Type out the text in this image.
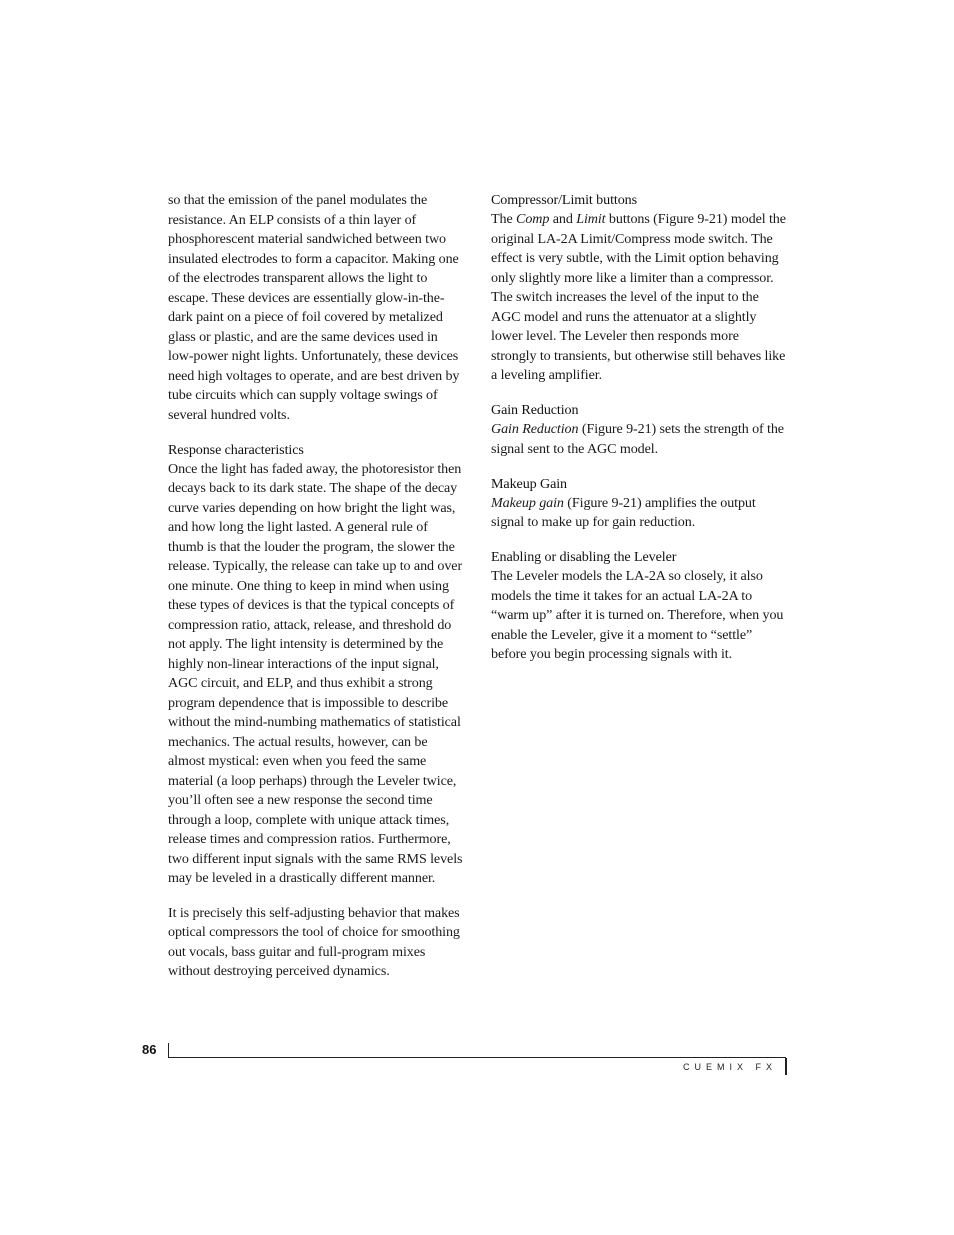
so that the emission of the panel modulates the resistance. An ELP consists of a thin layer of phosphorescent material sandwiched between two insulated electrodes to form a capacitor. Making one of the electrodes transparent allows the light to escape. These devices are essentially glow-in-the-dark paint on a piece of foil covered by metalized glass or plastic, and are the same devices used in low-power night lights. Unfortunately, these devices need high voltages to operate, and are best driven by tube circuits which can supply voltage swings of several hundred volts.

Response characteristics

Once the light has faded away, the photoresistor then decays back to its dark state. The shape of the decay curve varies depending on how bright the light was, and how long the light lasted. A general rule of thumb is that the louder the program, the slower the release. Typically, the release can take up to and over one minute. One thing to keep in mind when using these types of devices is that the typical concepts of compression ratio, attack, release, and threshold do not apply. The light intensity is determined by the highly non-linear interactions of the input signal, AGC circuit, and ELP, and thus exhibit a strong program dependence that is impossible to describe without the mind-numbing mathematics of statistical mechanics. The actual results, however, can be almost mystical: even when you feed the same material (a loop perhaps) through the Leveler twice, you’ll often see a new response the second time through a loop, complete with unique attack times, release times and compression ratios. Furthermore, two different input signals with the same RMS levels may be leveled in a drastically different manner.

It is precisely this self-adjusting behavior that makes optical compressors the tool of choice for smoothing out vocals, bass guitar and full-program mixes without destroying perceived dynamics.

Compressor/Limit buttons

The Comp and Limit buttons (Figure 9-21) model the original LA-2A Limit/Compress mode switch. The effect is very subtle, with the Limit option behaving only slightly more like a limiter than a compressor. The switch increases the level of the input to the AGC model and runs the attenuator at a slightly lower level. The Leveler then responds more strongly to transients, but otherwise still behaves like a leveling amplifier.

Gain Reduction

Gain Reduction (Figure 9-21) sets the strength of the signal sent to the AGC model.

Makeup Gain

Makeup gain (Figure 9-21) amplifies the output signal to make up for gain reduction.

Enabling or disabling the Leveler

The Leveler models the LA-2A so closely, it also models the time it takes for an actual LA-2A to “warm up” after it is turned on. Therefore, when you enable the Leveler, give it a moment to “settle” before you begin processing signals with it.

86
CUEMIX FX
